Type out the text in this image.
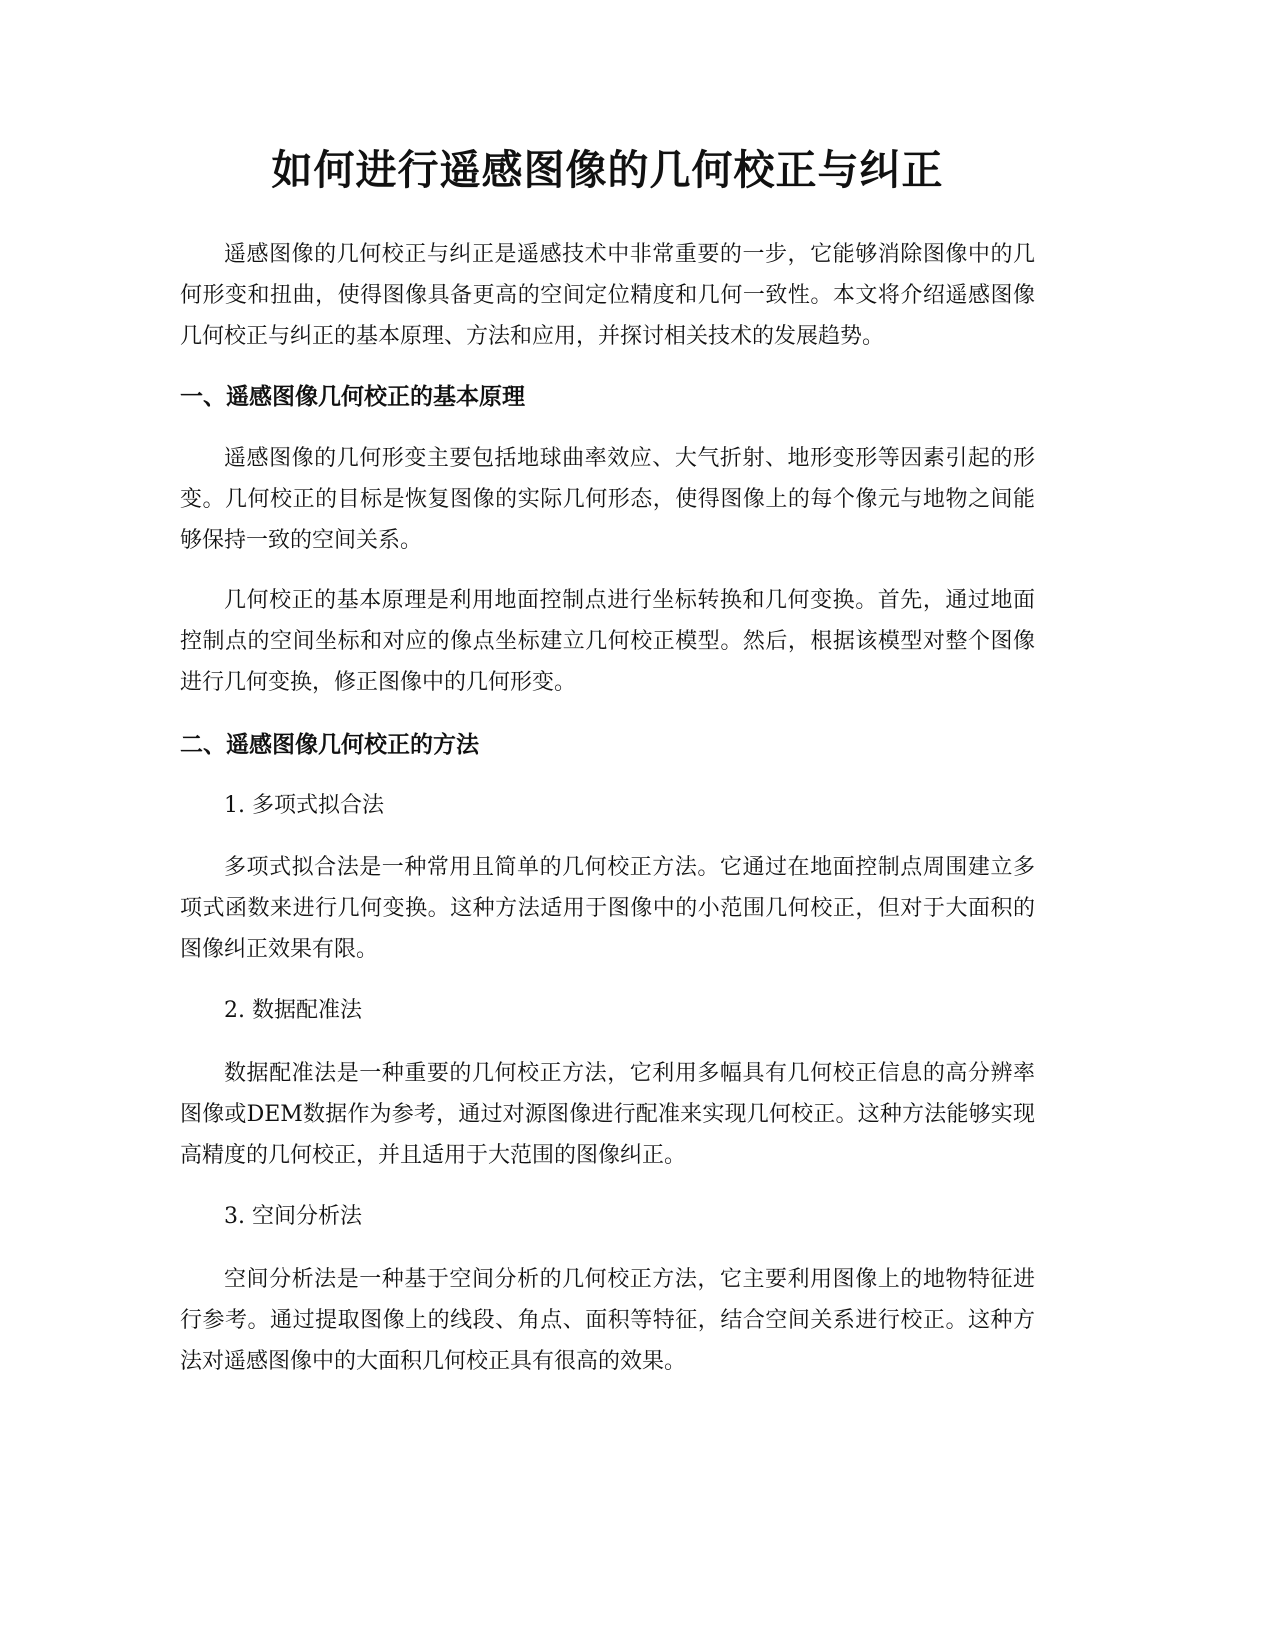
如何进行遥感图像的几何校正与纠正

遥感图像的几何校正与纠正是遥感技术中非常重要的一步，它能够消除图像中的几何形变和扭曲，使得图像具备更高的空间定位精度和几何一致性。本文将介绍遥感图像几何校正与纠正的基本原理、方法和应用，并探讨相关技术的发展趋势。

一、遥感图像几何校正的基本原理

遥感图像的几何形变主要包括地球曲率效应、大气折射、地形变形等因素引起的形变。几何校正的目标是恢复图像的实际几何形态，使得图像上的每个像元与地物之间能够保持一致的空间关系。

几何校正的基本原理是利用地面控制点进行坐标转换和几何变换。首先，通过地面控制点的空间坐标和对应的像点坐标建立几何校正模型。然后，根据该模型对整个图像进行几何变换，修正图像中的几何形变。

二、遥感图像几何校正的方法

1. 多项式拟合法

多项式拟合法是一种常用且简单的几何校正方法。它通过在地面控制点周围建立多项式函数来进行几何变换。这种方法适用于图像中的小范围几何校正，但对于大面积的图像纠正效果有限。

2. 数据配准法

数据配准法是一种重要的几何校正方法，它利用多幅具有几何校正信息的高分辨率图像或DEM数据作为参考，通过对源图像进行配准来实现几何校正。这种方法能够实现高精度的几何校正，并且适用于大范围的图像纠正。

3. 空间分析法

空间分析法是一种基于空间分析的几何校正方法，它主要利用图像上的地物特征进行参考。通过提取图像上的线段、角点、面积等特征，结合空间关系进行校正。这种方法对遥感图像中的大面积几何校正具有很高的效果。
